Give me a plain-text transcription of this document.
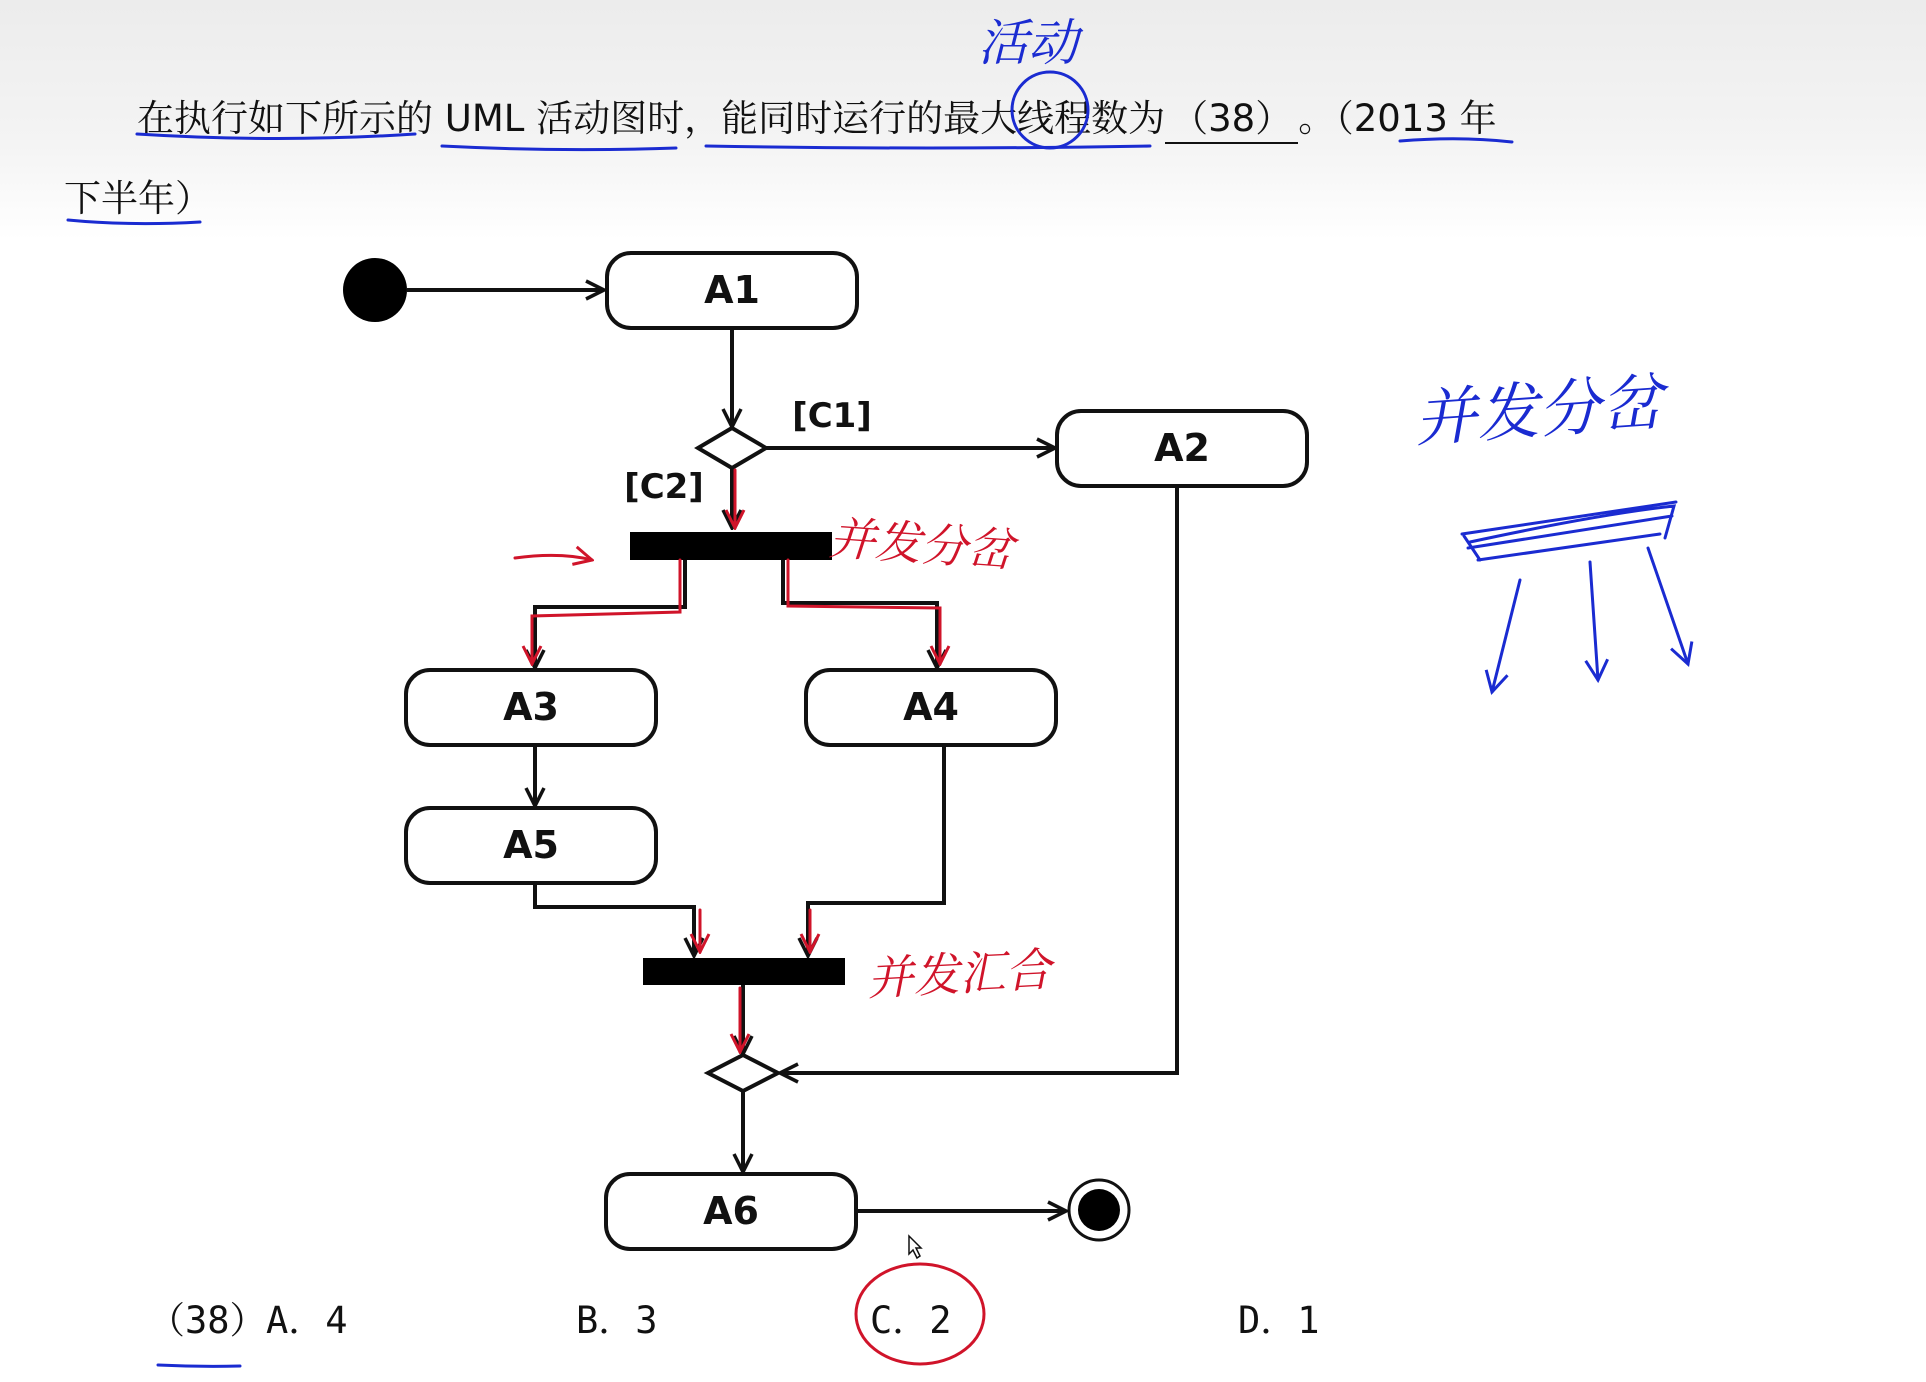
在执行如下所示的 UML 活动图时，能同时运行的最大线程数为 （38） 。（2013 年
下半年）
（38） A．4	B．3	C．2	D．1
A1
[C1]
[C2]
A2
A3	A4
A5
A6
活动
并发分岔
并发分岔
并发汇合
